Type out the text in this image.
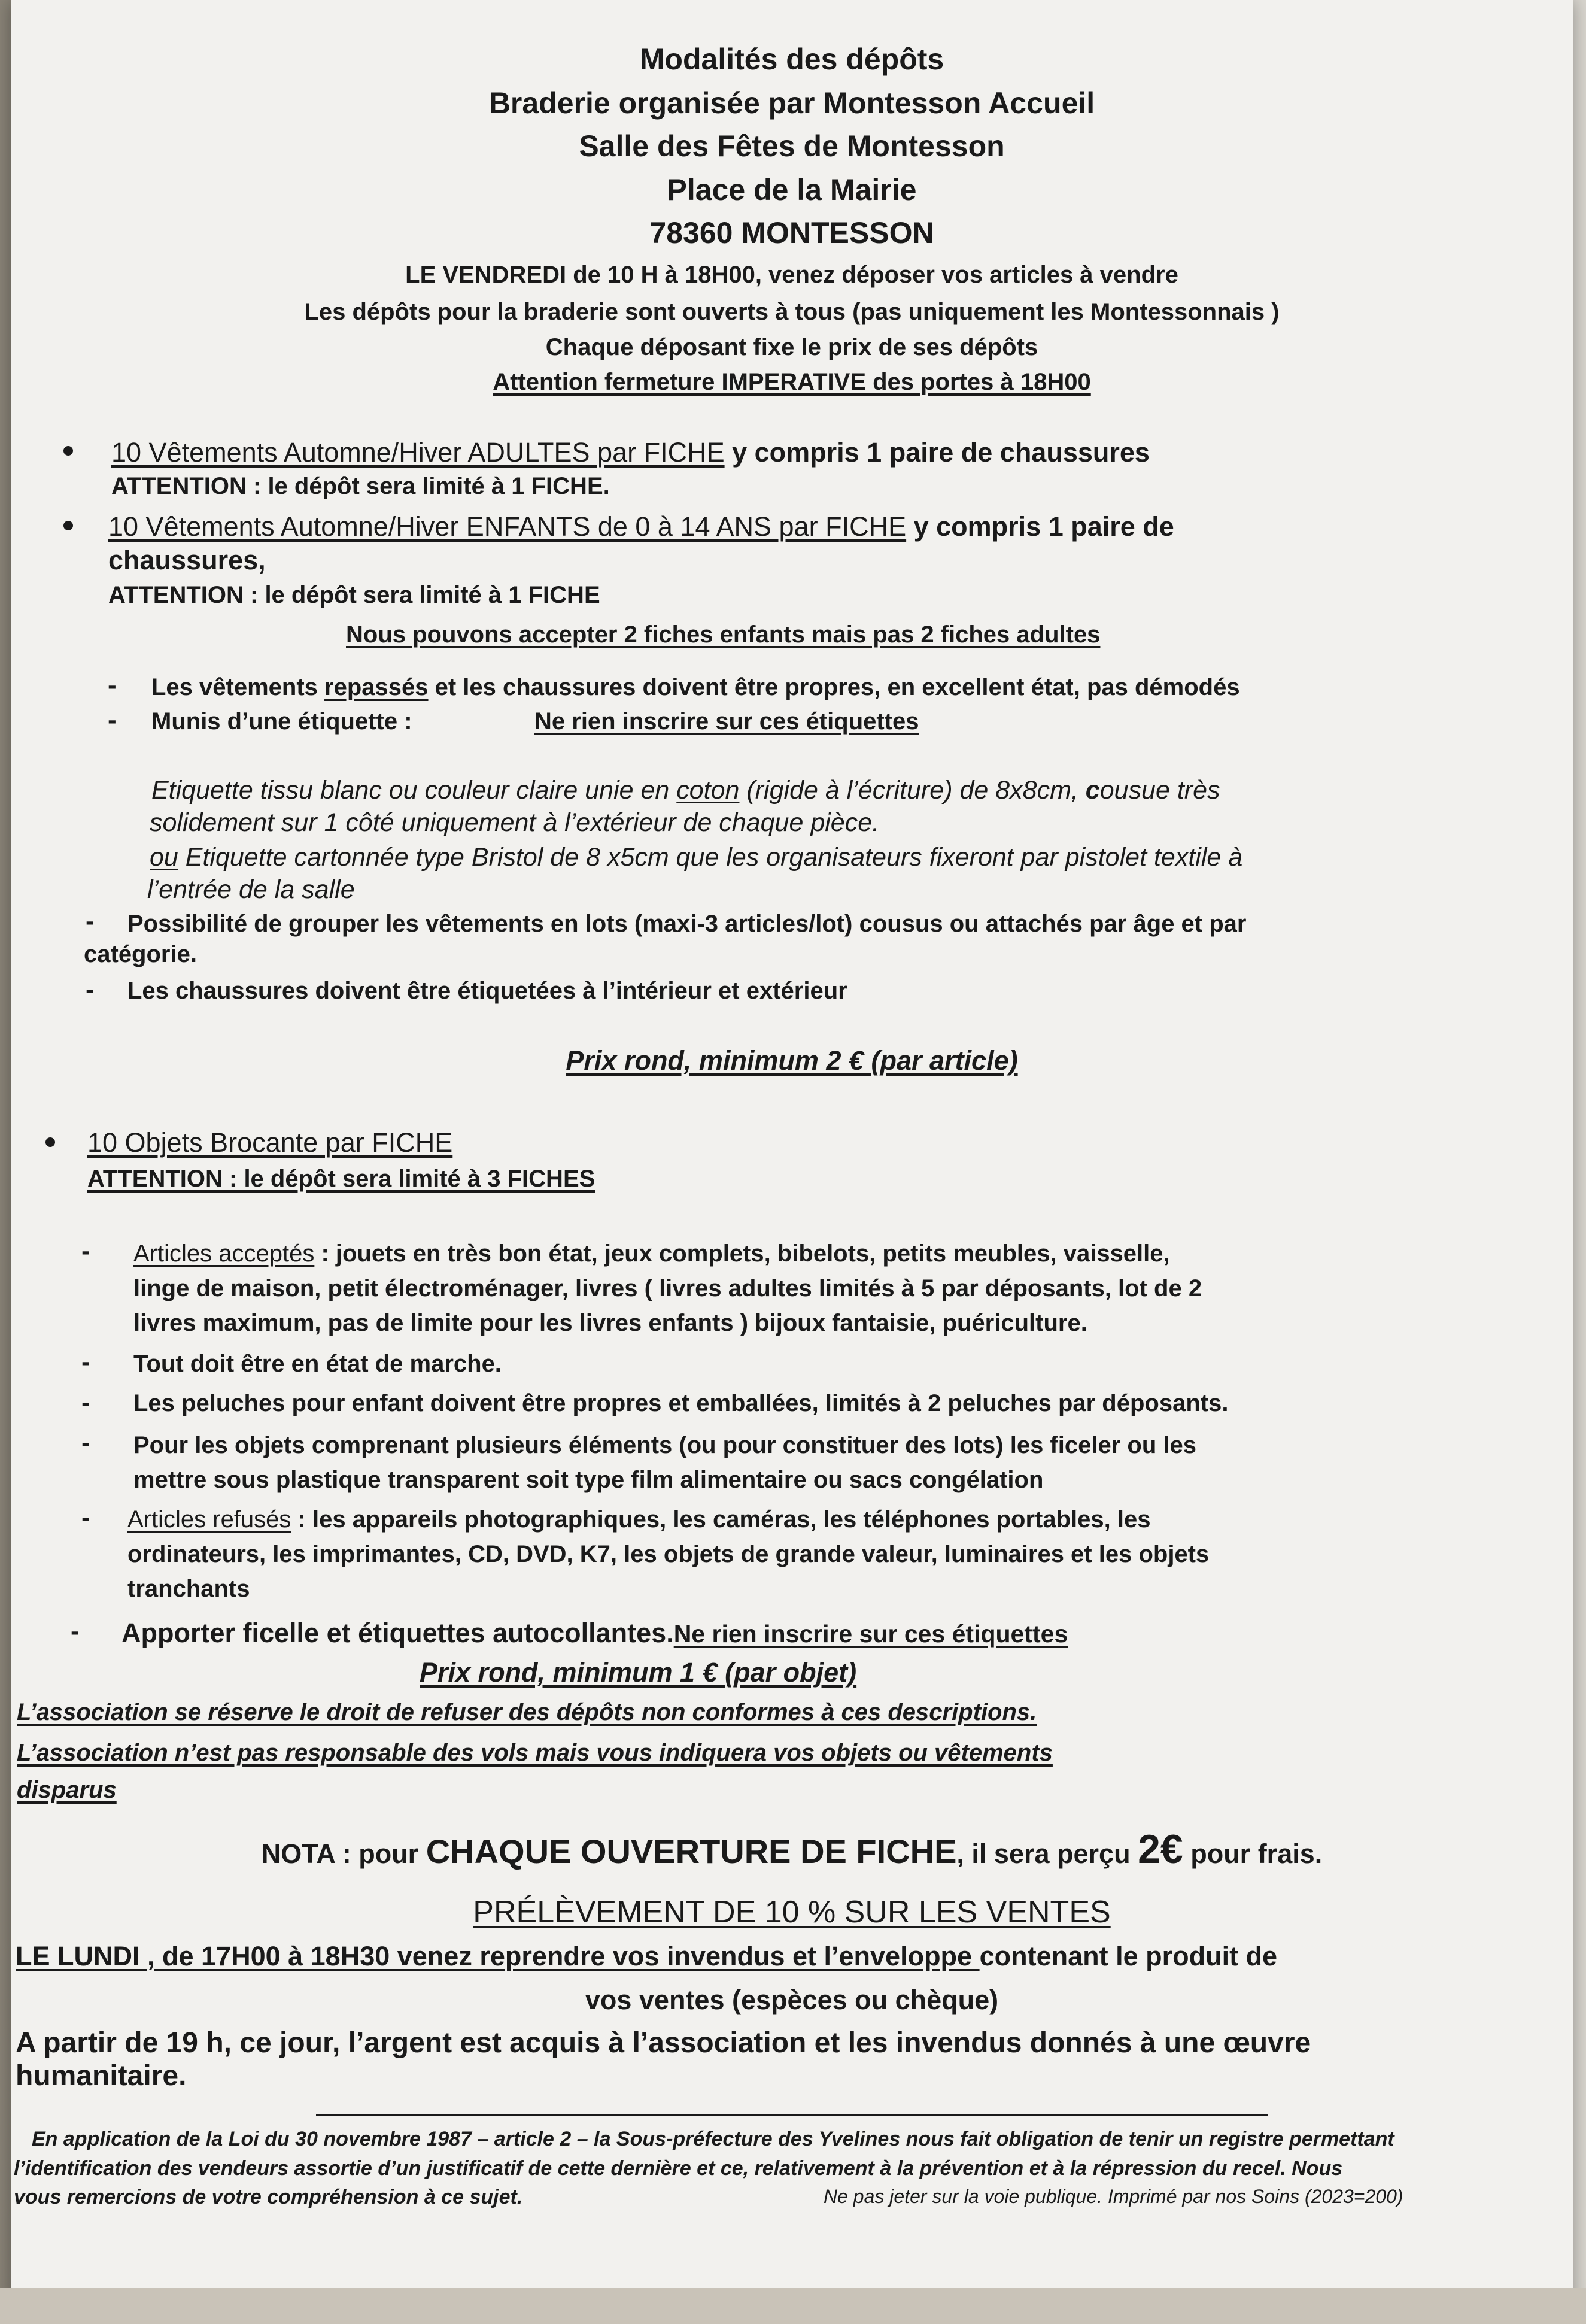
Modalités des dépôts
Braderie organisée par Montesson Accueil
Salle des Fêtes de Montesson
Place de la Mairie
78360 MONTESSON
LE VENDREDI de 10 H à 18H00, venez déposer vos articles à vendre
Les dépôts pour la braderie sont ouverts à tous (pas uniquement les Montessonnais )
Chaque déposant fixe le prix de ses dépôts
Attention fermeture IMPERATIVE des portes à 18H00
10 Vêtements Automne/Hiver ADULTES par FICHE y compris 1 paire de chaussures
ATTENTION : le dépôt sera limité à 1 FICHE.
10 Vêtements Automne/Hiver ENFANTS de 0 à 14 ANS par FICHE y compris 1 paire de
chaussures,
ATTENTION : le dépôt sera limité à 1 FICHE
Nous pouvons accepter 2 fiches enfants mais pas 2 fiches adultes
- Les vêtements repassés et les chaussures doivent être propres, en excellent état, pas démodés
- Munis d’une étiquette :	Ne rien inscrire sur ces étiquettes
Etiquette tissu blanc ou couleur claire unie en coton (rigide à l’écriture) de 8x8cm, cousue très
solidement sur 1 côté uniquement à l’extérieur de chaque pièce.
ou Etiquette cartonnée type Bristol de 8 x5cm que les organisateurs fixeront par pistolet textile à
l’entrée de la salle
- Possibilité de grouper les vêtements en lots (maxi-3 articles/lot) cousus ou attachés par âge et par
catégorie.
- Les chaussures doivent être étiquetées à l’intérieur et extérieur
Prix rond, minimum 2 € (par article)
10 Objets Brocante par FICHE
ATTENTION : le dépôt sera limité à 3 FICHES
- Articles acceptés : jouets en très bon état, jeux complets, bibelots, petits meubles, vaisselle,
linge de maison, petit électroménager, livres ( livres adultes limités à 5 par déposants, lot de 2
livres maximum, pas de limite pour les livres enfants ) bijoux fantaisie, puériculture.
- Tout doit être en état de marche.
- Les peluches pour enfant doivent être propres et emballées, limités à 2 peluches par déposants.
- Pour les objets comprenant plusieurs éléments (ou pour constituer des lots) les ficeler ou les
mettre sous plastique transparent soit type film alimentaire ou sacs congélation
- Articles refusés : les appareils photographiques, les caméras, les téléphones portables, les
ordinateurs, les imprimantes, CD, DVD, K7, les objets de grande valeur, luminaires et les objets
tranchants
- Apporter ficelle et étiquettes autocollantes.Ne rien inscrire sur ces étiquettes
Prix rond, minimum 1 € (par objet)
L’association se réserve le droit de refuser des dépôts non conformes à ces descriptions.
L’association n’est pas responsable des vols mais vous indiquera vos objets ou vêtements
disparus
NOTA : pour CHAQUE OUVERTURE DE FICHE, il sera perçu 2€ pour frais.
PRÉLÈVEMENT DE 10 % SUR LES VENTES
LE LUNDI , de 17H00 à 18H30 venez reprendre vos invendus et l’enveloppe contenant le produit de
vos ventes (espèces ou chèque)
A partir de 19 h, ce jour, l’argent est acquis à l’association et les invendus donnés à une œuvre
humanitaire.
En application de la Loi du 30 novembre 1987 – article 2 – la Sous-préfecture des Yvelines nous fait obligation de tenir un registre permettant
l’identification des vendeurs assortie d’un justificatif de cette dernière et ce, relativement à la prévention et à la répression du recel. Nous
vous remercions de votre compréhension à ce sujet.	Ne pas jeter sur la voie publique. Imprimé par nos Soins (2023=200)
